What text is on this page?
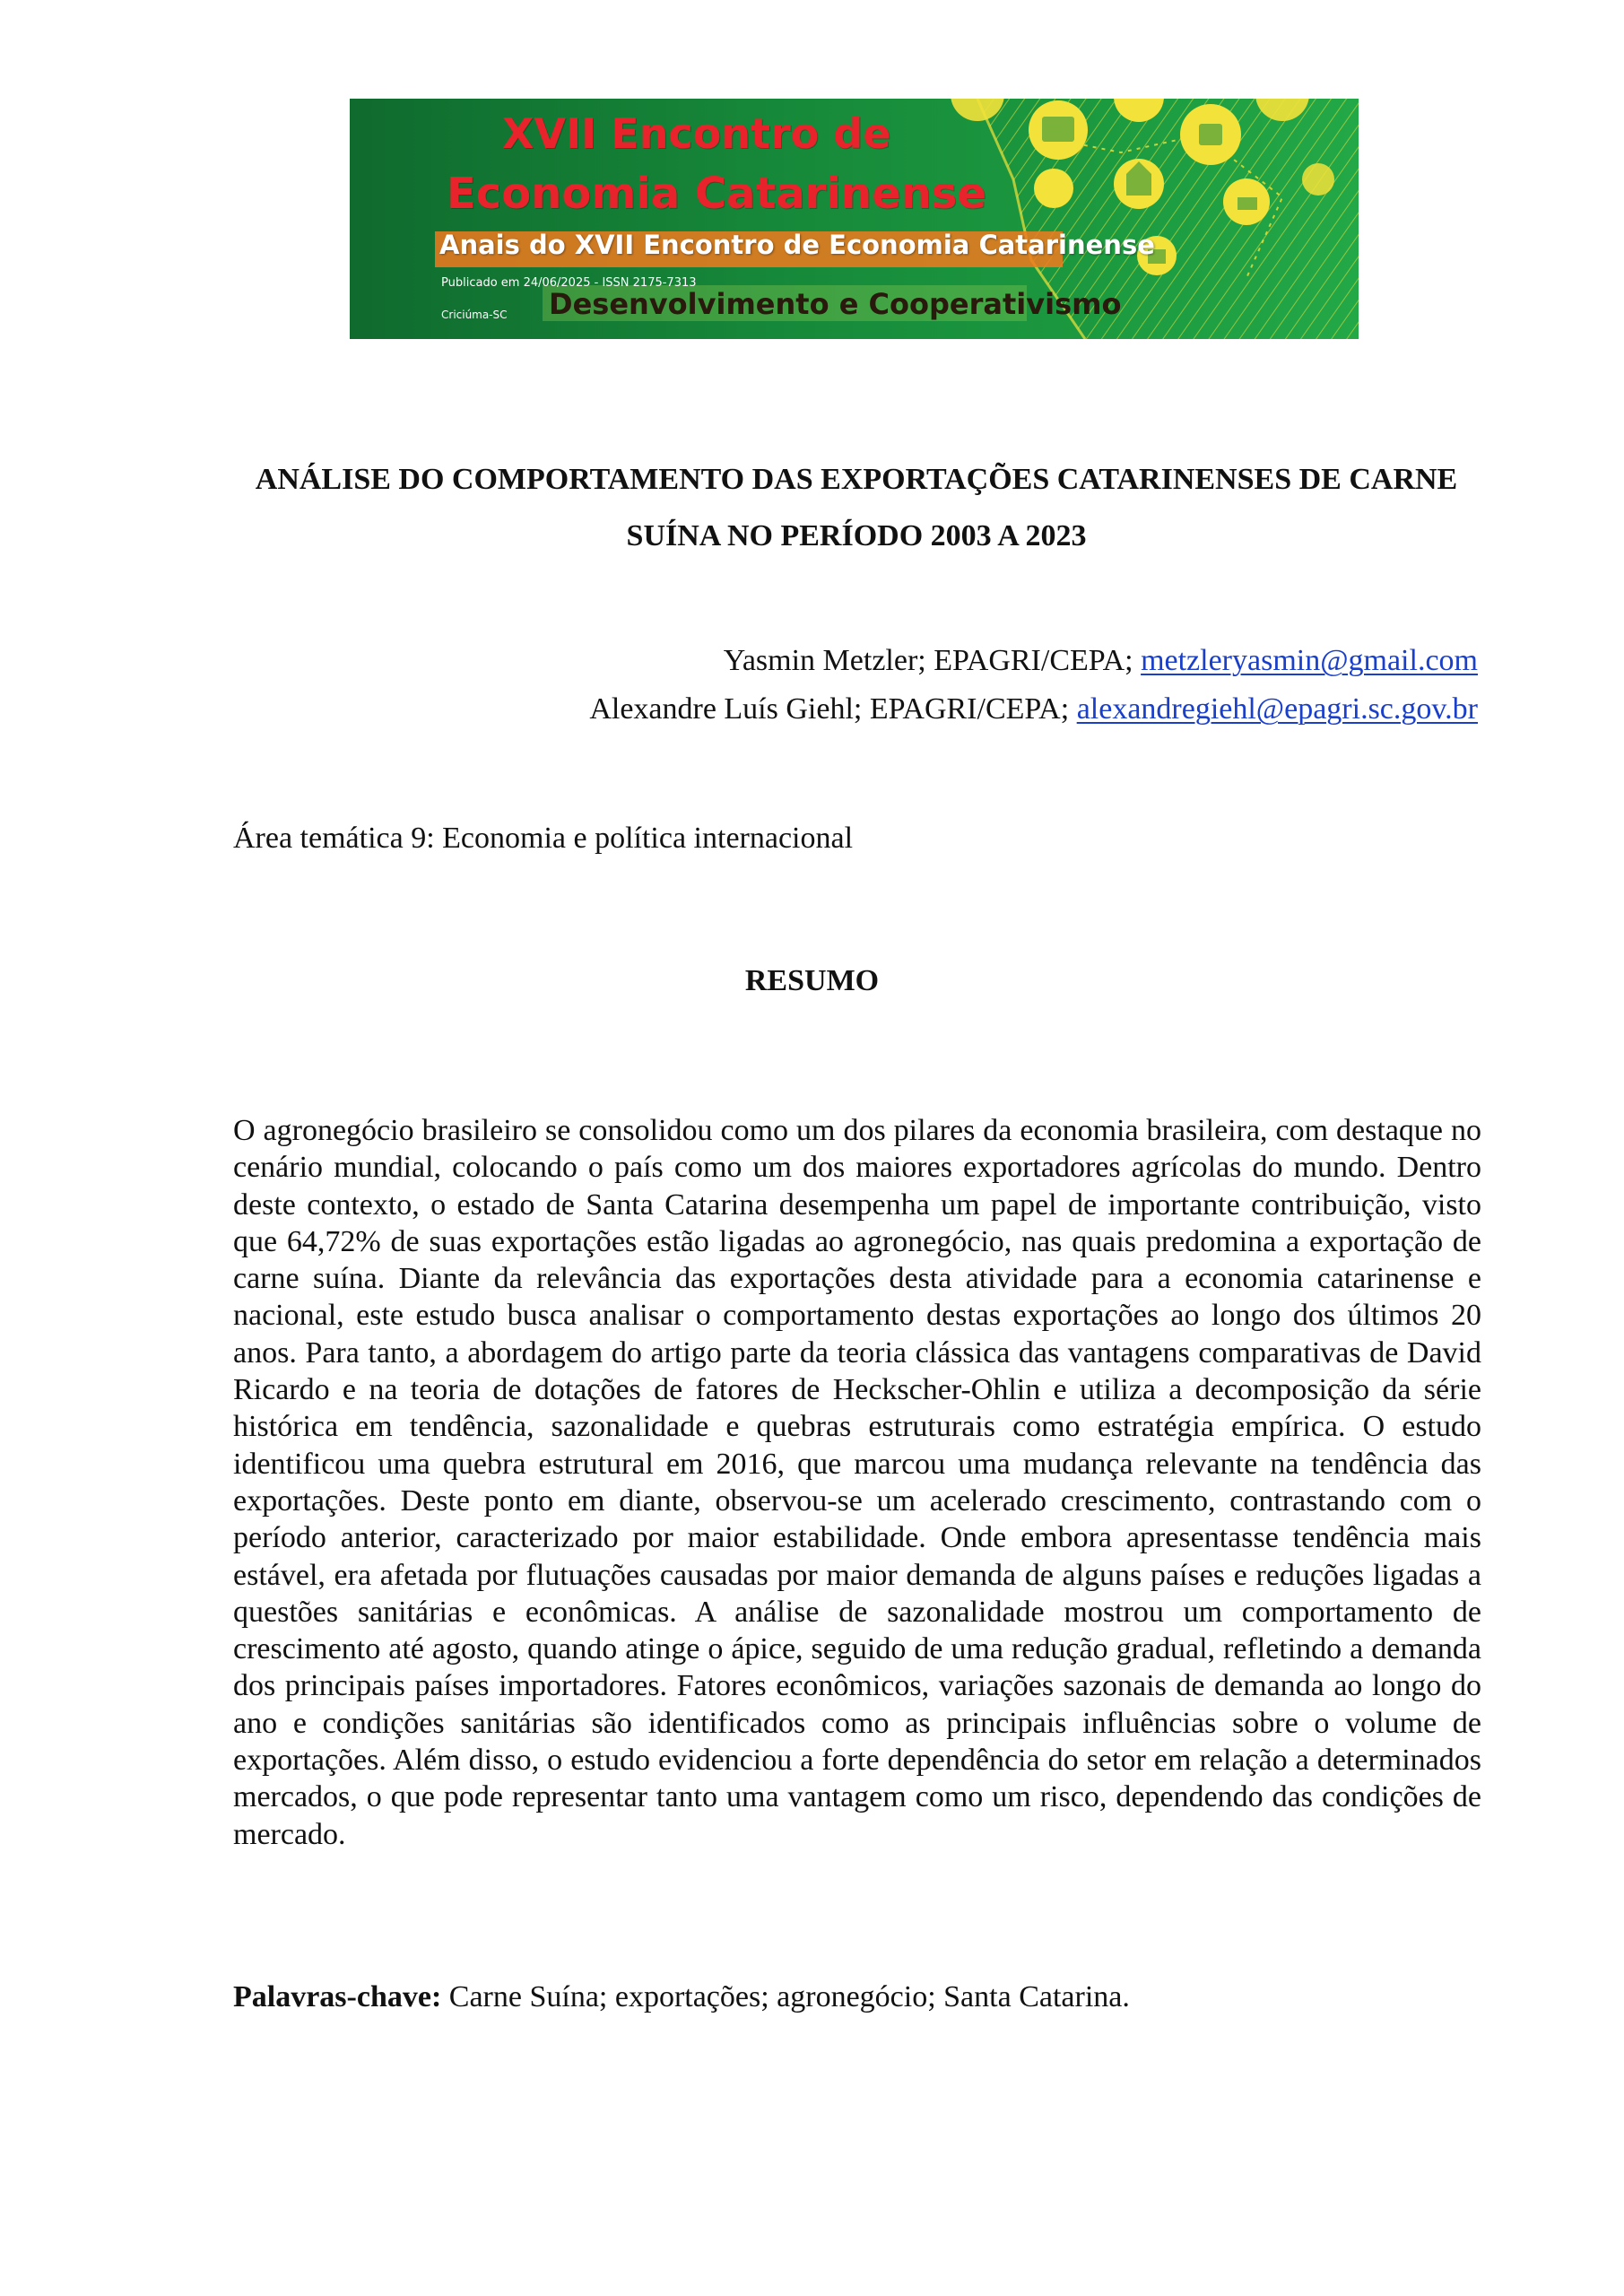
XVII Encontro de
Economia Catarinense
Anais do XVII Encontro de Economia Catarinense
Publicado em 24/06/2025 - ISSN 2175-7313
Criciúma-SC Desenvolvimento e Cooperativismo
ANÁLISE DO COMPORTAMENTO DAS EXPORTAÇÕES CATARINENSES DE CARNE SUÍNA NO PERÍODO 2003 A 2023
Yasmin Metzler; EPAGRI/CEPA; metzleryasmin@gmail.com
Alexandre Luís Giehl; EPAGRI/CEPA; alexandregiehl@epagri.sc.gov.br
Área temática 9: Economia e política internacional
RESUMO

O agronegócio brasileiro se consolidou como um dos pilares da economia brasileira, com destaque no cenário mundial, colocando o país como um dos maiores exportadores agrícolas do mundo. Dentro deste contexto, o estado de Santa Catarina desempenha um papel de importante contribuição, visto que 64,72% de suas exportações estão ligadas ao agronegócio, nas quais predomina a exportação de carne suína. Diante da relevância das exportações desta atividade para a economia catarinense e nacional, este estudo busca analisar o comportamento destas exportações ao longo dos últimos 20 anos. Para tanto, a abordagem do artigo parte da teoria clássica das vantagens comparativas de David Ricardo e na teoria de dotações de fatores de Heckscher-Ohlin e utiliza a decomposição da série histórica em tendência, sazonalidade e quebras estruturais como estratégia empírica. O estudo identificou uma quebra estrutural em 2016, que marcou uma mudança relevante na tendência das exportações. Deste ponto em diante, observou-se um acelerado crescimento, contrastando com o período anterior, caracterizado por maior estabilidade. Onde embora apresentasse tendência mais estável, era afetada por flutuações causadas por maior demanda de alguns países e reduções ligadas a questões sanitárias e econômicas. A análise de sazonalidade mostrou um comportamento de crescimento até agosto, quando atinge o ápice, seguido de uma redução gradual, refletindo a demanda dos principais países importadores. Fatores econômicos, variações sazonais de demanda ao longo do ano e condições sanitárias são identificados como as principais influências sobre o volume de exportações. Além disso, o estudo evidenciou a forte dependência do setor em relação a determinados mercados, o que pode representar tanto uma vantagem como um risco, dependendo das condições de mercado.

Palavras-chave: Carne Suína; exportações; agronegócio; Santa Catarina.
